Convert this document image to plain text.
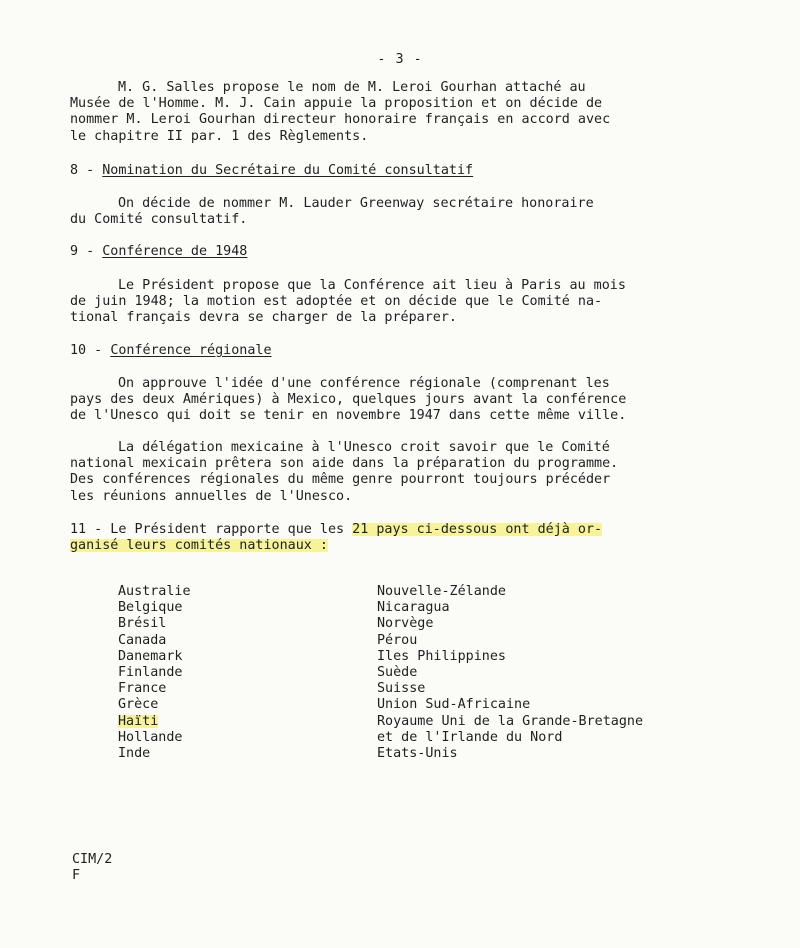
- 3 -
M. G. Salles propose le nom de M. Leroi Gourhan attaché au
Musée de l'Homme. M. J. Cain appuie la proposition et on décide de
nommer M. Leroi Gourhan directeur honoraire français en accord avec
le chapitre II par. 1 des Règlements.
8 - Nomination du Secrétaire du Comité consultatif
On décide de nommer M. Lauder Greenway secrétaire honoraire
du Comité consultatif.
9 - Conférence de 1948
Le Président propose que la Conférence ait lieu à Paris au mois
de juin 1948; la motion est adoptée et on décide que le Comité na-
tional français devra se charger de la préparer.
10 - Conférence régionale
On approuve l'idée d'une conférence régionale (comprenant les
pays des deux Amériques) à Mexico, quelques jours avant la conférence
de l'Unesco qui doit se tenir en novembre 1947 dans cette même ville.
La délégation mexicaine à l'Unesco croit savoir que le Comité
national mexicain prêtera son aide dans la préparation du programme.
Des conférences régionales du même genre pourront toujours précéder
les réunions annuelles de l'Unesco.
11 - Le Président rapporte que les 21 pays ci-dessous ont déjà or-
ganisé leurs comités nationaux :
Australie
Belgique
Brésil
Canada
Danemark
Finlande
France
Grèce
Haïti
Hollande
Inde
Nouvelle-Zélande
Nicaragua
Norvège
Pérou
Iles Philippines
Suède
Suisse
Union Sud-Africaine
Royaume Uni de la Grande-Bretagne
et de l'Irlande du Nord
Etats-Unis
CIM/2
F
